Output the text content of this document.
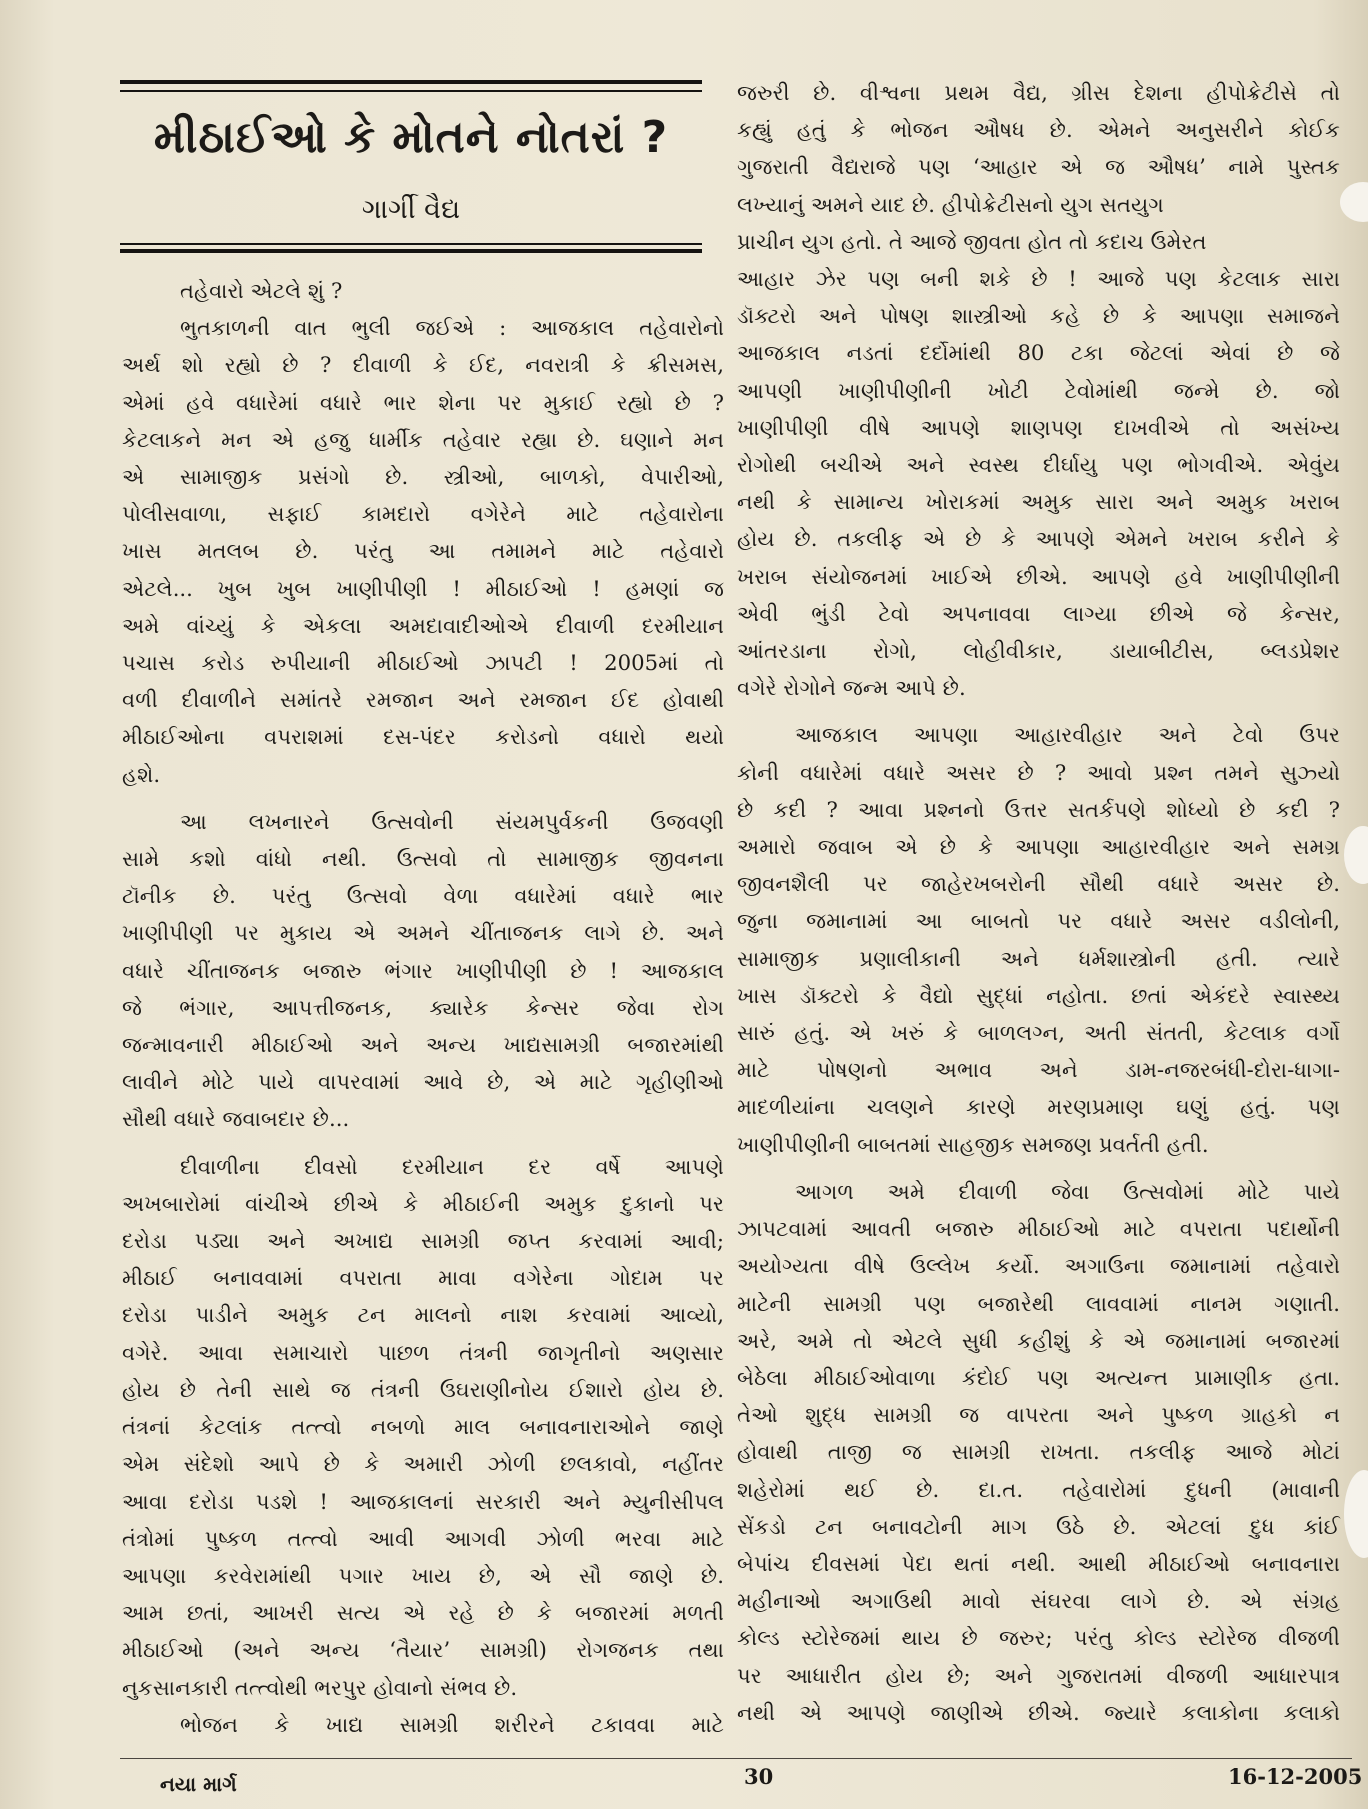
મીઠાઈઓ કે મોતને નોતરાં ?
ગાર્ગી વૈદ્ય

તહેવારો એટલે શું ?

ભુતકાળની વાત ભુલી જઈએ : આજકાલ તહેવારોનો

અર્થ શો રહ્યો છે ? દીવાળી કે ઈદ, નવરાત્રી કે ક્રીસમસ,

એમાં હવે વધારેમાં વધારે ભાર શેના પર મુકાઈ રહ્યો છે ?

કેટલાકને મન એ હજુ ધાર્મીક તહેવાર રહ્યા છે. ઘણાને મન

એ સામાજીક પ્રસંગો છે. સ્ત્રીઓ, બાળકો, વેપારીઓ,

પોલીસવાળા, સફાઈ કામદારો વગેરેને માટે તહેવારોના

ખાસ મતલબ છે. પરંતુ આ તમામને માટે તહેવારો

એટલે... ખુબ ખુબ ખાણીપીણી ! મીઠાઈઓ ! હમણાં જ

અમે વાંચ્યું કે એકલા અમદાવાદીઓએ દીવાળી દરમીયાન

પચાસ કરોડ રુપીયાની મીઠાઈઓ ઝાપટી ! 2005માં તો

વળી દીવાળીને સમાંતરે રમજાન અને રમજાન ઈદ હોવાથી

મીઠાઈઓના વપરાશમાં દસ-પંદર કરોડનો વધારો થયો

હશે.

આ લખનારને ઉત્સવોની સંયમપુર્વકની ઉજવણી

સામે કશો વાંધો નથી. ઉત્સવો તો સામાજીક જીવનના

ટૉનીક છે. પરંતુ ઉત્સવો વેળા વધારેમાં વધારે ભાર

ખાણીપીણી પર મુકાય એ અમને ચીંતાજનક લાગે છે. અને

વધારે ચીંતાજનક બજારુ ભંગાર ખાણીપીણી છે ! આજકાલ

જે ભંગાર, આપત્તીજનક, ક્યારેક કેન્સર જેવા રોગ

જન્માવનારી મીઠાઈઓ અને અન્ય ખાદ્યસામગ્રી બજારમાંથી

લાવીને મોટે પાયે વાપરવામાં આવે છે, એ માટે ગૃહીણીઓ

સૌથી વધારે જવાબદાર છે...

દીવાળીના દીવસો દરમીયાન દર વર્ષે આપણે

અખબારોમાં વાંચીએ છીએ કે મીઠાઈની અમુક દુકાનો પર

દરોડા પડ્યા અને અખાદ્ય સામગ્રી જપ્ત કરવામાં આવી;

મીઠાઈ બનાવવામાં વપરાતા માવા વગેરેના ગોદામ પર

દરોડા પાડીને અમુક ટન માલનો નાશ કરવામાં આવ્યો,

વગેરે. આવા સમાચારો પાછળ તંત્રની જાગૃતીનો અણસાર

હોય છે તેની સાથે જ તંત્રની ઉઘરાણીનોય ઈશારો હોય છે.

તંત્રનાં કેટલાંક તત્ત્વો નબળો માલ બનાવનારાઓને જાણે

એમ સંદેશો આપે છે કે અમારી ઝોળી છલકાવો, નહીંતર

આવા દરોડા પડશે ! આજકાલનાં સરકારી અને મ્યુનીસીપલ

તંત્રોમાં પુષ્કળ તત્ત્વો આવી આગવી ઝોળી ભરવા માટે

આપણા કરવેરામાંથી પગાર ખાય છે, એ સૌ જાણે છે.

આમ છતાં, આખરી સત્ય એ રહે છે કે બજારમાં મળતી

મીઠાઈઓ (અને અન્ય ‘તૈયાર’ સામગ્રી) રોગજનક તથા

નુકસાનકારી તત્ત્વોથી ભરપુર હોવાનો સંભવ છે.

ભોજન કે ખાદ્ય સામગ્રી શરીરને ટકાવવા માટે

જરુરી છે. વીશ્વના પ્રથમ વૈદ્ય, ગ્રીસ દેશના હીપોક્રેટીસે તો

કહ્યું હતું કે ભોજન ઔષધ છે. એમને અનુસરીને કોઈક

ગુજરાતી વૈદ્યરાજે પણ ‘આહાર એ જ ઔષધ’ નામે પુસ્તક

લખ્યાનું અમને યાદ છે. હીપોક્રેટીસનો યુગ સતયુગ

પ્રાચીન યુગ હતો. તે આજે જીવતા હોત તો કદાચ ઉમેરત

આહાર ઝેર પણ બની શકે છે ! આજે પણ કેટલાક સારા

ડૉક્ટરો અને પોષણ શાસ્ત્રીઓ કહે છે કે આપણા સમાજને

આજકાલ નડતાં દર્દોમાંથી 80 ટકા જેટલાં એવાં છે જે

આપણી ખાણીપીણીની ખોટી ટેવોમાંથી જન્મે છે. જો

ખાણીપીણી વીષે આપણે શાણપણ દાખવીએ તો અસંખ્ય

રોગોથી બચીએ અને સ્વસ્થ દીર્ઘાયુ પણ ભોગવીએ. એવુંય

નથી કે સામાન્ય ખોરાકમાં અમુક સારા અને અમુક ખરાબ

હોય છે. તકલીફ એ છે કે આપણે એમને ખરાબ કરીને કે

ખરાબ સંયોજનમાં ખાઈએ છીએ. આપણે હવે ખાણીપીણીની

એવી ભુંડી ટેવો અપનાવવા લાગ્યા છીએ જે કેન્સર,

આંતરડાના રોગો, લોહીવીકાર, ડાયાબીટીસ, બ્લડપ્રેશર

વગેરે રોગોને જન્મ આપે છે.

આજકાલ આપણા આહારવીહાર અને ટેવો ઉપર

કોની વધારેમાં વધારે અસર છે ? આવો પ્રશ્ન તમને સુઝ્યો

છે કદી ? આવા પ્રશ્નનો ઉત્તર સતર્કપણે શોધ્યો છે કદી ?

અમારો જવાબ એ છે કે આપણા આહારવીહાર અને સમગ્ર

જીવનશૈલી પર જાહેરખબરોની સૌથી વધારે અસર છે.

જુના જમાનામાં આ બાબતો પર વધારે અસર વડીલોની,

સામાજીક પ્રણાલીકાની અને ધર્મશાસ્ત્રોની હતી. ત્યારે

ખાસ ડૉક્ટરો કે વૈદ્યો સુદ્ધાં નહોતા. છતાં એકંદરે સ્વાસ્થ્ય

સારું હતું. એ ખરું કે બાળલગ્ન, અતી સંતતી, કેટલાક વર્ગો

માટે પોષણનો અભાવ અને ડામ-નજરબંધી-દોરા-ધાગા-

માદળીયાંના ચલણને કારણે મરણપ્રમાણ ઘણું હતું. પણ

ખાણીપીણીની બાબતમાં સાહજીક સમજણ પ્રવર્તતી હતી.

આગળ અમે દીવાળી જેવા ઉત્સવોમાં મોટે પાયે

ઝાપટવામાં આવતી બજારુ મીઠાઈઓ માટે વપરાતા પદાર્થોની

અયોગ્યતા વીષે ઉલ્લેખ કર્યો. અગાઉના જમાનામાં તહેવારો

માટેની સામગ્રી પણ બજારેથી લાવવામાં નાનમ ગણાતી.

અરે, અમે તો એટલે સુધી કહીશું કે એ જમાનામાં બજારમાં

બેઠેલા મીઠાઈઓવાળા કંદોઈ પણ અત્યન્ત પ્રામાણીક હતા.

તેઓ શુદ્ધ સામગ્રી જ વાપરતા અને પુષ્કળ ગ્રાહકો ન

હોવાથી તાજી જ સામગ્રી રાખતા. તકલીફ આજે મોટાં

શહેરોમાં થઈ છે. દા.ત. તહેવારોમાં દુધની (માવાની

સેંકડો ટન બનાવટોની માગ ઉઠે છે. એટલાં દુધ કાંઈ

બેપાંચ દીવસમાં પેદા થતાં નથી. આથી મીઠાઈઓ બનાવનારા

મહીનાઓ અગાઉથી માવો સંઘરવા લાગે છે. એ સંગ્રહ

કોલ્ડ સ્ટોરેજમાં થાય છે જરુર; પરંતુ કોલ્ડ સ્ટોરેજ વીજળી

પર આધારીત હોય છે; અને ગુજરાતમાં વીજળી આધારપાત્ર

નથી એ આપણે જાણીએ છીએ. જ્યારે કલાકોના કલાકો

નયા માર્ગ	30	16-12-2005
